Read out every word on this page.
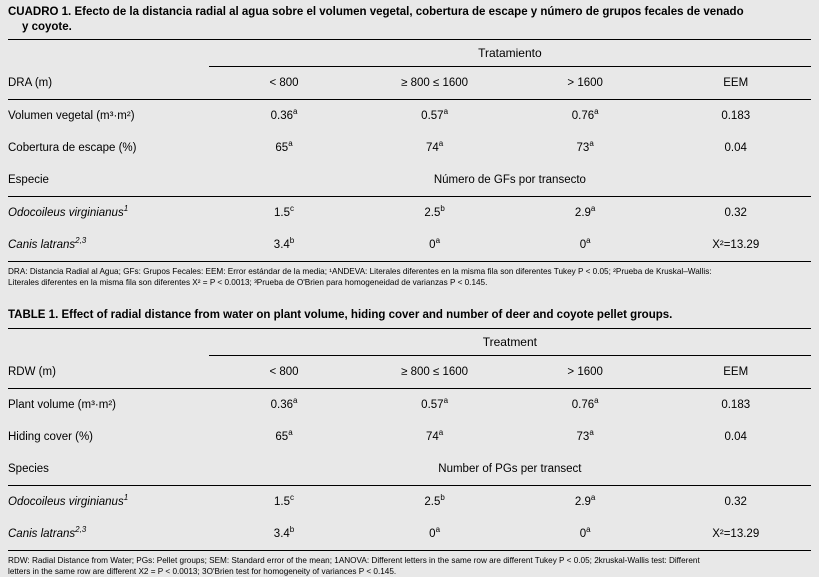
CUADRO 1. Efecto de la distancia radial al agua sobre el volumen vegetal, cobertura de escape y número de grupos fecales de venado
y coyote.
	Tratamiento			
DRA (m)	< 800	≥ 800 ≤ 1600	> 1600	EEM
Volumen vegetal (m³·m²)	0.36$^a$	0.57$^a$	0.76$^a$	0.183
Cobertura de escape (%)	65$^a$	74$^a$	73$^a$	0.04
Especie	Número de GFs por transecto			
Odocoileus virginianus$^1$	1.5$^c$	2.5$^b$	2.9$^a$	0.32
Canis latrans$^{2,3}$	3.4$^b$	0$^a$	0$^a$	X²=13.29
DRA: Distancia Radial al Agua; GFs: Grupos Fecales: EEM: Error estándar de la media; ¹ANDEVA: Literales diferentes en la misma fila son diferentes Tukey P < 0.05; ²Prueba de Kruskal–Wallis:
Literales diferentes en la misma fila son diferentes X² = P < 0.0013; ³Prueba de O'Brien para homogeneidad de varianzas P < 0.145.
TABLE 1. Effect of radial distance from water on plant volume, hiding cover and number of deer and coyote pellet groups.
	Treatment			
RDW (m)	< 800	≥ 800 ≤ 1600	> 1600	EEM
Plant volume (m³·m²)	0.36$^a$	0.57$^a$	0.76$^a$	0.183
Hiding cover (%)	65$^a$	74$^a$	73$^a$	0.04
Species	Number of PGs per transect			
Odocoileus virginianus$^1$	1.5$^c$	2.5$^b$	2.9$^a$	0.32
Canis latrans$^{2,3}$	3.4$^b$	0$^a$	0$^a$	X²=13.29
RDW: Radial Distance from Water; PGs: Pellet groups; SEM: Standard error of the mean; 1ANOVA: Different letters in the same row are different Tukey P < 0.05; 2kruskal-Wallis test: Different
letters in the same row are different X2 = P < 0.0013; 3O'Brien test for homogeneity of variances P < 0.145.
